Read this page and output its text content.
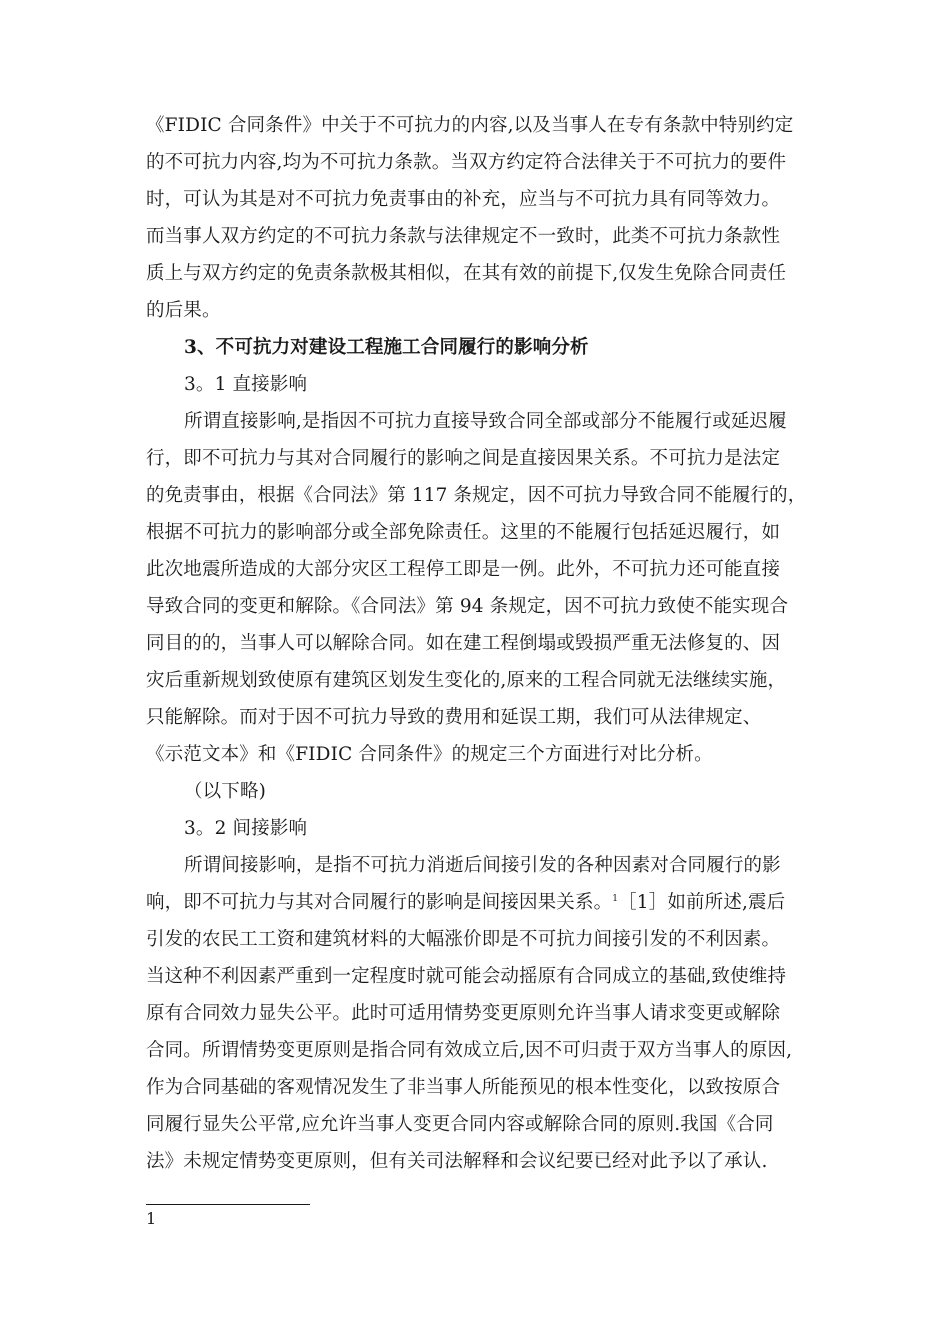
《FIDIC 合同条件》中关于不可抗力的内容,以及当事人在专有条款中特别约定
的不可抗力内容,均为不可抗力条款。当双方约定符合法律关于不可抗力的要件
时，可认为其是对不可抗力免责事由的补充，应当与不可抗力具有同等效力。
而当事人双方约定的不可抗力条款与法律规定不一致时，此类不可抗力条款性
质上与双方约定的免责条款极其相似，在其有效的前提下,仅发生免除合同责任
的后果。
3、不可抗力对建设工程施工合同履行的影响分析
3。1 直接影响
所谓直接影响,是指因不可抗力直接导致合同全部或部分不能履行或延迟履
行，即不可抗力与其对合同履行的影响之间是直接因果关系。不可抗力是法定
的免责事由，根据《合同法》第 117 条规定，因不可抗力导致合同不能履行的，
根据不可抗力的影响部分或全部免除责任。这里的不能履行包括延迟履行，如
此次地震所造成的大部分灾区工程停工即是一例。此外，不可抗力还可能直接
导致合同的变更和解除。《合同法》第 94 条规定，因不可抗力致使不能实现合
同目的的，当事人可以解除合同。如在建工程倒塌或毁损严重无法修复的、因
灾后重新规划致使原有建筑区划发生变化的,原来的工程合同就无法继续实施，
只能解除。而对于因不可抗力导致的费用和延误工期，我们可从法律规定、
《示范文本》和《FIDIC 合同条件》的规定三个方面进行对比分析。
（以下略)
3。2 间接影响
所谓间接影响，是指不可抗力消逝后间接引发的各种因素对合同履行的影
响，即不可抗力与其对合同履行的影响是间接因果关系。$^1$［1］如前所述,震后
引发的农民工工资和建筑材料的大幅涨价即是不可抗力间接引发的不利因素。
当这种不利因素严重到一定程度时就可能会动摇原有合同成立的基础,致使维持
原有合同效力显失公平。此时可适用情势变更原则允许当事人请求变更或解除
合同。所谓情势变更原则是指合同有效成立后,因不可归责于双方当事人的原因,
作为合同基础的客观情况发生了非当事人所能预见的根本性变化，以致按原合
同履行显失公平常,应允许当事人变更合同内容或解除合同的原则.我国《合同
法》未规定情势变更原则，但有关司法解释和会议纪要已经对此予以了承认.
1
